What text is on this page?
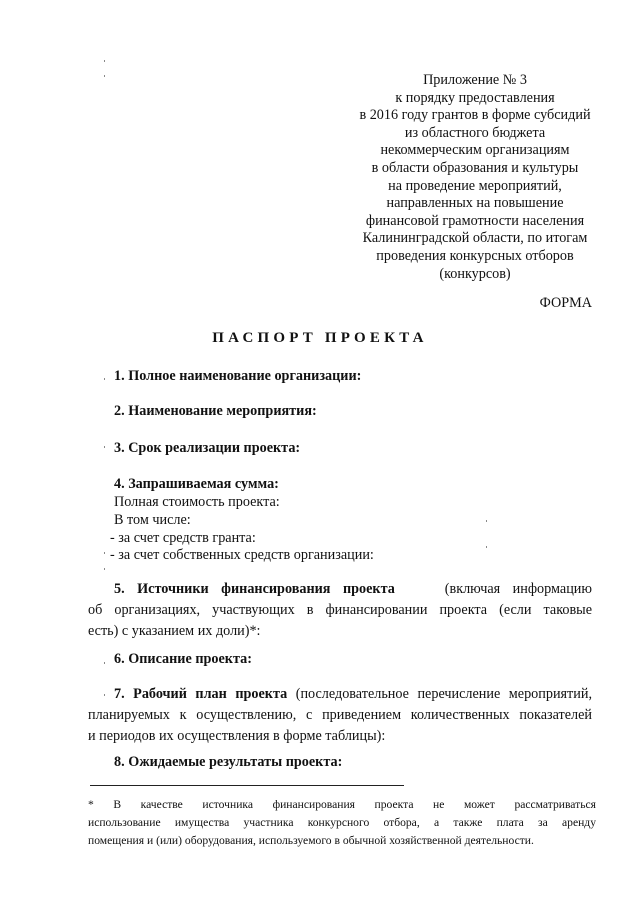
Приложение № 3
к порядку предоставления
в 2016 году грантов в форме субсидий
из областного бюджета
некоммерческим организациям
в области образования и культуры
на проведение мероприятий,
направленных на повышение
финансовой грамотности населения
Калининградской области, по итогам
проведения конкурсных отборов
(конкурсов)
ФОРМА
ПАСПОРТ ПРОЕКТА
1. Полное наименование организации:
2. Наименование мероприятия:
3. Срок реализации проекта:
4. Запрашиваемая сумма:
Полная стоимость проекта:
В том числе:
- за счет средств гранта:
- за счет собственных средств организации:
5. Источники финансирования проекта	(включая информацию
об организациях, участвующих в финансировании проекта (если таковые
есть) с указанием их доли)*:
6. Описание проекта:
7. Рабочий план проекта (последовательное перечисление мероприятий,
планируемых к осуществлению, с приведением количественных показателей
и периодов их осуществления в форме таблицы):
8. Ожидаемые результаты проекта:
* В качестве источника финансирования проекта не может рассматриваться
использование имущества участника конкурсного отбора, а также плата за аренду
помещения и (или) оборудования, используемого в обычной хозяйственной деятельности.
